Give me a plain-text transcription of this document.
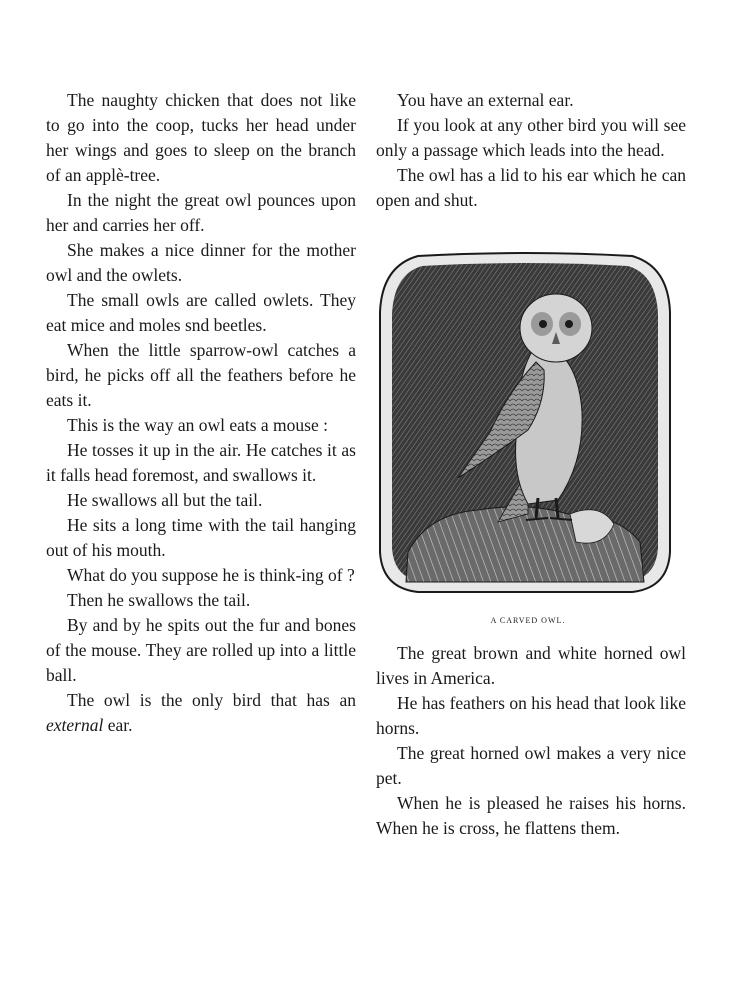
The naughty chicken that does not like to go into the coop, tucks her head under her wings and goes to sleep on the branch of an applè-tree.

In the night the great owl pounces upon her and carries her off.

She makes a nice dinner for the mother owl and the owlets.

The small owls are called owlets. They eat mice and moles snd beetles.

When the little sparrow-owl catches a bird, he picks off all the feathers before he eats it.

This is the way an owl eats a mouse :

He tosses it up in the air. He catches it as it falls head foremost, and swallows it.

He swallows all but the tail.

He sits a long time with the tail hanging out of his mouth.

What do you suppose he is think-ing of ?

Then he swallows the tail.

By and by he spits out the fur and bones of the mouse. They are rolled up into a little ball.

The owl is the only bird that has an external ear.

You have an external ear.

If you look at any other bird you will see only a passage which leads into the head.

The owl has a lid to his ear which he can open and shut.

The great brown and white horned owl lives in America.

He has feathers on his head that look like horns.

The great horned owl makes a very nice pet.

When he is pleased he raises his horns. When he is cross, he flattens them.

A CARVED OWL.
